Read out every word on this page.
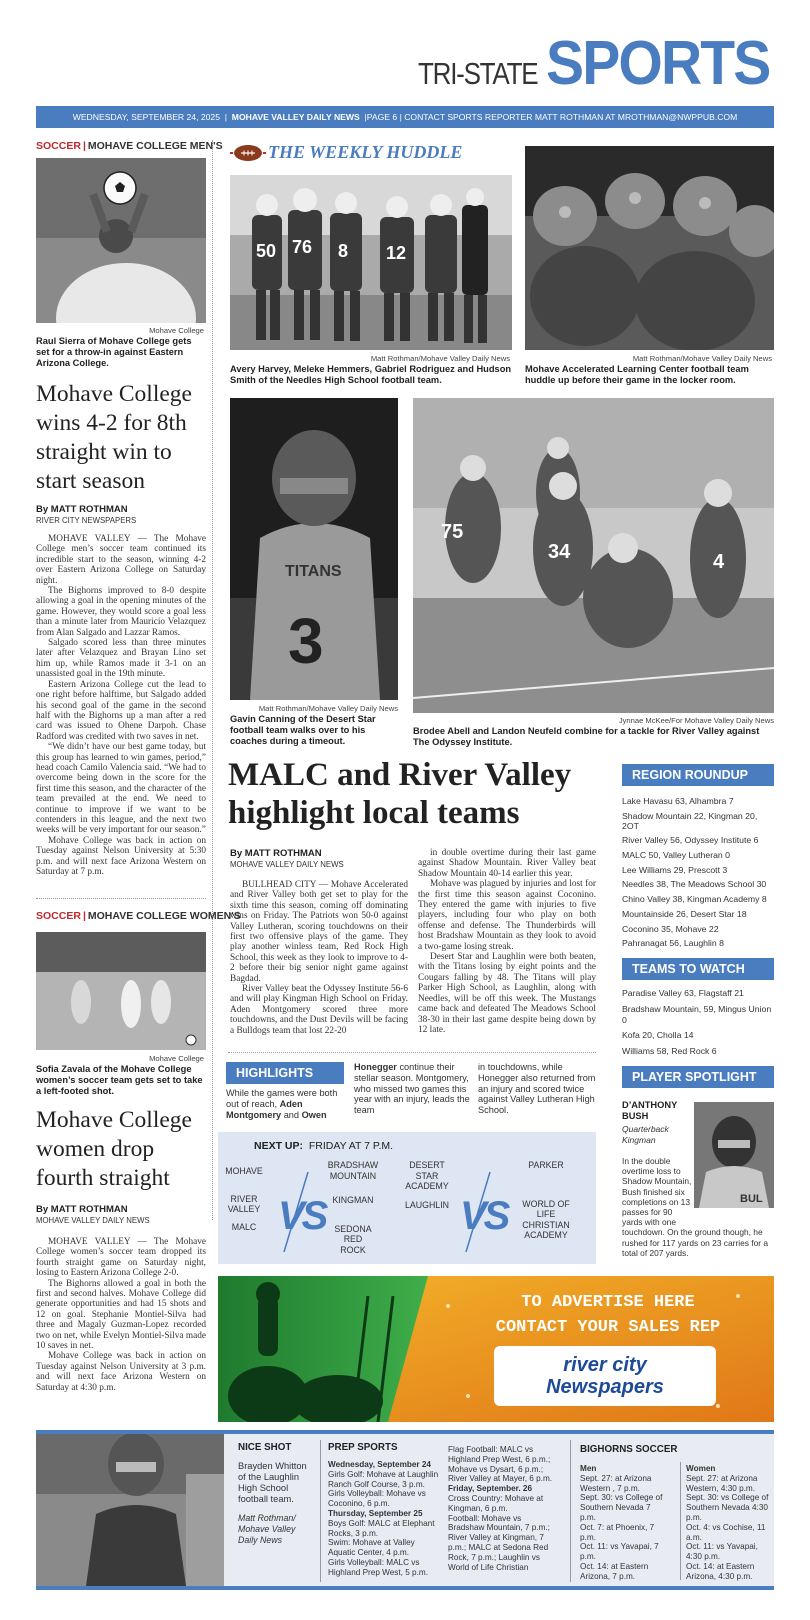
TRI-STATE SPORTS
WEDNESDAY, SEPTEMBER 24, 2025 | MOHAVE VALLEY DAILY NEWS |PAGE 6 | CONTACT SPORTS REPORTER MATT ROTHMAN AT MROTHMAN@NWPPUB.COM
SOCCER | MOHAVE COLLEGE MEN'S
Mohave College
Raul Sierra of Mohave College gets set for a throw-in against Eastern Arizona College.
Mohave College wins 4-2 for 8th straight win to start season
By MATT ROTHMAN
RIVER CITY NEWSPAPERS

MOHAVE VALLEY — The Mohave College men’s soccer team continued its incredible start to the season, winning 4-2 over Eastern Arizona College on Saturday night.

The Bighorns improved to 8-0 despite allowing a goal in the opening minutes of the game. However, they would score a goal less than a minute later from Mauricio Velazquez from Alan Salgado and Lazzar Ramos.

Salgado scored less than three minutes later after Velazquez and Brayan Lino set him up, while Ramos made it 3-1 on an unassisted goal in the 19th minute.

Eastern Arizona College cut the lead to one right before halftime, but Salgado added his second goal of the game in the second half with the Bighorns up a man after a red card was issued to Ohene Darpoh. Chase Radford was credited with two saves in net.

“We didn’t have our best game today, but this group has learned to win games, period,” head coach Camilo Valencia said. “We had to overcome being down in the score for the first time this season, and the character of the team prevailed at the end. We need to continue to improve if we want to be contenders in this league, and the next two weeks will be very important for our season.”

Mohave College was back in action on Tuesday against Nelson University at 5:30 p.m. and will next face Arizona Western on Saturday at 7 p.m.

SOCCER | MOHAVE COLLEGE WOMEN'S
Mohave College
Sofia Zavala of the Mohave College women’s soccer team gets set to take a left-footed shot.
Mohave College women drop fourth straight
By MATT ROTHMAN
MOHAVE VALLEY DAILY NEWS

MOHAVE VALLEY — The Mohave College women’s soccer team dropped its fourth straight game on Saturday night, losing to Eastern Arizona College 2-0.

The Bighorns allowed a goal in both the first and second halves. Mohave College did generate opportunities and had 15 shots and 12 on goal. Stephanie Montiel-Silva had three and Magaly Guzman-Lopez recorded two on net, while Evelyn Montiel-Silva made 10 saves in net.

Mohave College was back in action on Tuesday against Nelson University at 3 p.m. and will next face Arizona Western on Saturday at 4:30 p.m.

THE WEEKLY HUDDLE
50 76 8 12
Matt Rothman/Mohave Valley Daily News
Avery Harvey, Meleke Hemmers, Gabriel Rodriguez and Hudson Smith of the Needles High School football team.
Matt Rothman/Mohave Valley Daily News
Mohave Accelerated Learning Center football team huddle up before their game in the locker room.
TITANS
3
Matt Rothman/Mohave Valley Daily News
Gavin Canning of the Desert Star football team walks over to his coaches during a timeout.
75
4
34
Jynnae McKee/For Mohave Valley Daily News
Brodee Abell and Landon Neufeld combine for a tackle for River Valley against The Odyssey Institute.
MALC and River Valley highlight local teams
By MATT ROTHMAN
MOHAVE VALLEY DAILY NEWS

BULLHEAD CITY — Mohave Accelerated and River Valley both get set to play for the sixth time this season, coming off dominating wins on Friday. The Patriots won 50-0 against Valley Lutheran, scoring touchdowns on their first two offensive plays of the game. They play another winless team, Red Rock High School, this week as they look to improve to 4-2 before their big senior night game against Bagdad.

River Valley beat the Odyssey Institute 56-6 and will play Kingman High School on Friday. Aden Montgomery scored three more touchdowns, and the Dust Devils will be facing a Bulldogs team that lost 22-20

in double overtime during their last game against Shadow Mountain. River Valley beat Shadow Mountain 40-14 earlier this year.

Mohave was plagued by injuries and lost for the first time this season against Coconino. They entered the game with injuries to five players, including four who play on both offense and defense. The Thunderbirds will host Bradshaw Mountain as they look to avoid a two-game losing streak.

Desert Star and Laughlin were both beaten, with the Titans losing by eight points and the Cougars falling by 48. The Titans will play Parker High School, as Laughlin, along with Needles, will be off this week. The Mustangs came back and defeated The Meadows School 38-30 in their last game despite being down by 12 late.

HIGHLIGHTS
While the games were both out of reach, Aden Montgomery and Owen
Honegger continue their stellar season. Montgomery, who missed two games this year with an injury, leads the team
in touchdowns, while Honegger also returned from an injury and scored twice against Valley Lutheran High School.
NEXT UP: FRIDAY AT 7 P.M.
MOHAVE
RIVER VALLEY
MALC VS
BRADSHAW MOUNTAIN
KINGMAN
SEDONA RED ROCK
DESERT STAR ACADEMY
LAUGHLIN VS
PARKER
WORLD OF LIFE CHRISTIAN ACADEMY
REGION ROUNDUP
Lake Havasu 63, Alhambra 7
Shadow Mountain 22, Kingman 20, 2OT
River Valley 56, Odyssey Institute 6
MALC 50, Valley Lutheran 0
Lee Williams 29, Prescott 3
Needles 38, The Meadows School 30
Chino Valley 38, Kingman Academy 8
Mountainside 26, Desert Star 18
Coconino 35, Mohave 22
Pahranagat 56, Laughlin 8
TEAMS TO WATCH
Paradise Valley 63, Flagstaff 21
Bradshaw Mountain, 59, Mingus Union 0
Kofa 20, Cholla 14
Williams 58, Red Rock 6
PLAYER SPOTLIGHT
D’ANTHONY BUSH
Quarterback
Kingman
BUL
In the double overtime loss to Shadow Mountain, Bush finished six completions on 13 passes for 90 yards with one
touchdown. On the ground though, he rushed for 117 yards on 23 carries for a total of 207 yards.
TO ADVERTISE HERE
CONTACT YOUR SALES REP
river city
Newspapers
NICE SHOT
Brayden Whitton of the Laughlin High School football team.
Matt Rothman/ Mohave Valley Daily News
PREP SPORTS
Wednesday, September 24
Girls Golf: Mohave at Laughlin Ranch Golf Course, 3 p.m.
Girls Volleyball: Mohave vs Coconino, 6 p.m.
Thursday, September 25
Boys Golf: MALC at Elephant Rocks, 3 p.m.
Swim: Mohave at Valley Aquatic Center, 4 p.m.
Girls Volleyball: MALC vs Highland Prep West, 5 p.m.
Flag Football: MALC vs Highland Prep West, 6 p.m.; Mohave vs Dysart, 6 p.m.; River Valley at Mayer, 6 p.m.
Friday, September. 26
Cross Country: Mohave at Kingman, 6 p.m.
Football: Mohave vs Bradshaw Mountain, 7 p.m.; River Valley at Kingman, 7 p.m.; MALC at Sedona Red Rock, 7 p.m.; Laughlin vs World of Life Christian
BIGHORNS SOCCER
Men
Sept. 27: at Arizona Western , 7 p.m.
Sept. 30: vs College of Southern Nevada 7 p.m.
Oct. 7: at Phoenix, 7 p.m.
Oct. 11: vs Yavapai, 7 p.m.
Oct. 14: at Eastern Arizona, 7 p.m.
Women
Sept. 27: at Arizona Western, 4:30 p.m.
Sept. 30: vs College of Southern Nevada 4:30 p.m.
Oct. 4: vs Cochise, 11 a.m.
Oct. 11: vs Yavapai, 4:30 p.m.
Oct. 14: at Eastern Arizona, 4:30 p.m.
